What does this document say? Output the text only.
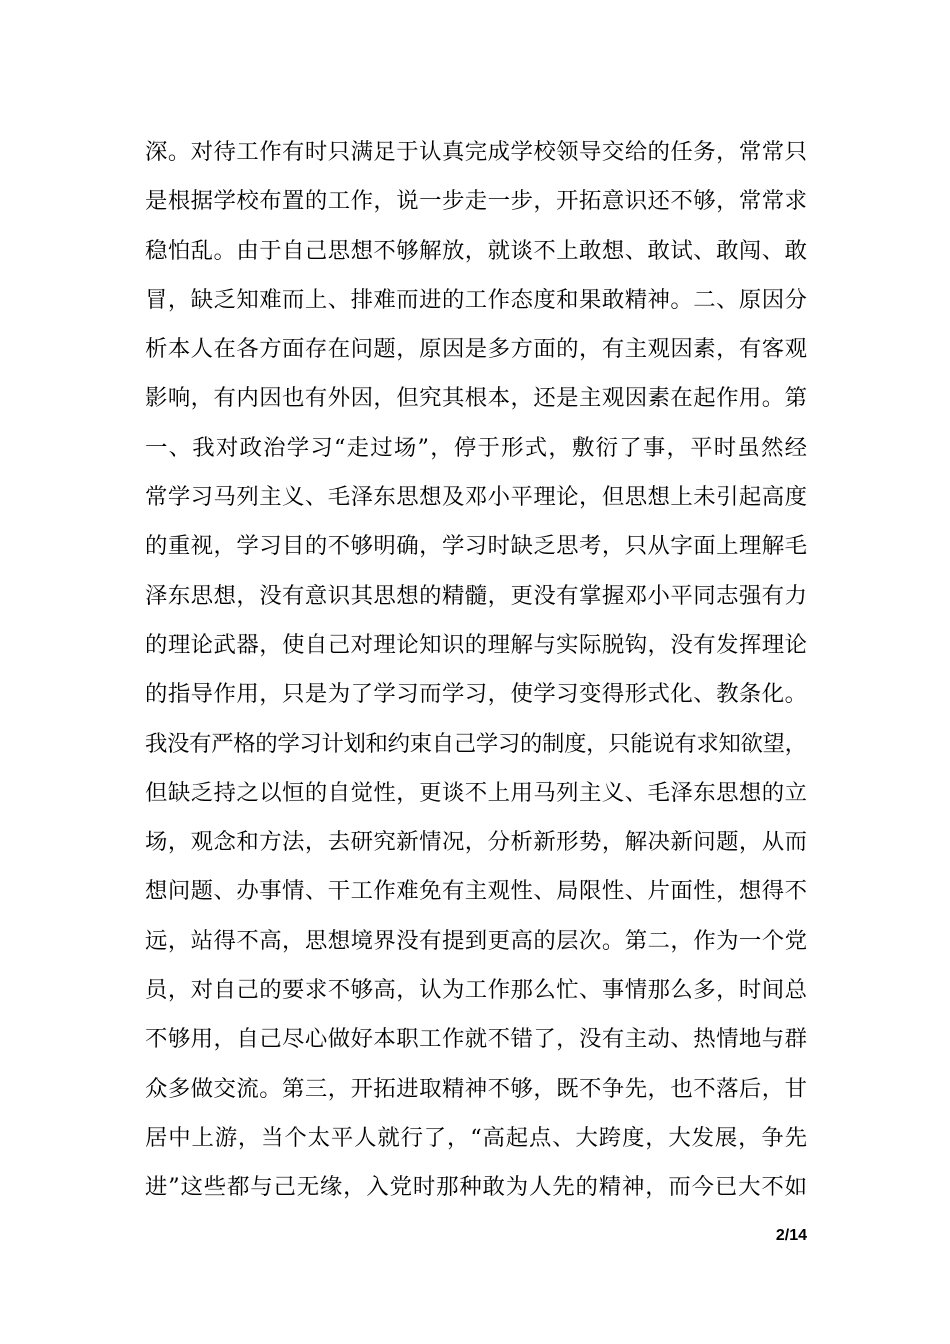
深。对待工作有时只满足于认真完成学校领导交给的任务，常常只
是根据学校布置的工作，说一步走一步，开拓意识还不够，常常求
稳怕乱。由于自己思想不够解放，就谈不上敢想、敢试、敢闯、敢
冒，缺乏知难而上、排难而进的工作态度和果敢精神。二、原因分
析本人在各方面存在问题，原因是多方面的，有主观因素，有客观
影响，有内因也有外因，但究其根本，还是主观因素在起作用。第
一、我对政治学习“走过场”，停于形式，敷衍了事，平时虽然经
常学习马列主义、毛泽东思想及邓小平理论，但思想上未引起高度
的重视，学习目的不够明确，学习时缺乏思考，只从字面上理解毛
泽东思想，没有意识其思想的精髓，更没有掌握邓小平同志强有力
的理论武器，使自己对理论知识的理解与实际脱钩，没有发挥理论
的指导作用，只是为了学习而学习，使学习变得形式化、教条化。
我没有严格的学习计划和约束自己学习的制度，只能说有求知欲望，
但缺乏持之以恒的自觉性，更谈不上用马列主义、毛泽东思想的立
场，观念和方法，去研究新情况，分析新形势，解决新问题，从而
想问题、办事情、干工作难免有主观性、局限性、片面性，想得不
远，站得不高，思想境界没有提到更高的层次。第二，作为一个党
员，对自己的要求不够高，认为工作那么忙、事情那么多，时间总
不够用，自己尽心做好本职工作就不错了，没有主动、热情地与群
众多做交流。第三，开拓进取精神不够，既不争先，也不落后，甘
居中上游，当个太平人就行了，“高起点、大跨度，大发展，争先
进”这些都与己无缘，入党时那种敢为人先的精神，而今已大不如
2/14
